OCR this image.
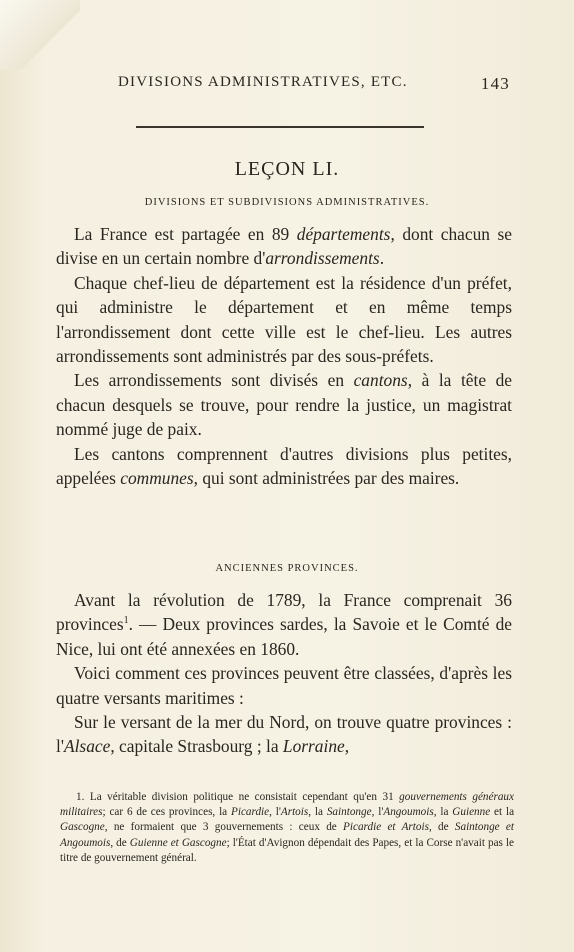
DIVISIONS ADMINISTRATIVES, ETC.	143
LEÇON LI.
DIVISIONS ET SUBDIVISIONS ADMINISTRATIVES.

La France est partagée en 89 départements, dont chacun se divise en un certain nombre d'arrondissements.

Chaque chef-lieu de département est la résidence d'un préfet, qui administre le département et en même temps l'arrondissement dont cette ville est le chef-lieu. Les autres arrondissements sont administrés par des sous-préfets.

Les arrondissements sont divisés en cantons, à la tête de chacun desquels se trouve, pour rendre la justice, un magistrat nommé juge de paix.

Les cantons comprennent d'autres divisions plus petites, appelées communes, qui sont administrées par des maires.

ANCIENNES PROVINCES.

Avant la révolution de 1789, la France comprenait 36 provinces$^1$. — Deux provinces sardes, la Savoie et le Comté de Nice, lui ont été annexées en 1860.

Voici comment ces provinces peuvent être classées, d'après les quatre versants maritimes :

Sur le versant de la mer du Nord, on trouve quatre provinces : l'Alsace, capitale Strasbourg ; la Lorraine,

1. La véritable division politique ne consistait cependant qu'en 31 gouvernements généraux militaires; car 6 de ces provinces, la Picardie, l'Artois, la Saintonge, l'Angoumois, la Guienne et la Gascogne, ne formaient que 3 gouvernements : ceux de Picardie et Artois, de Saintonge et Angoumois, de Guienne et Gascogne; l'État d'Avignon dépendait des Papes, et la Corse n'avait pas le titre de gouvernement général.
